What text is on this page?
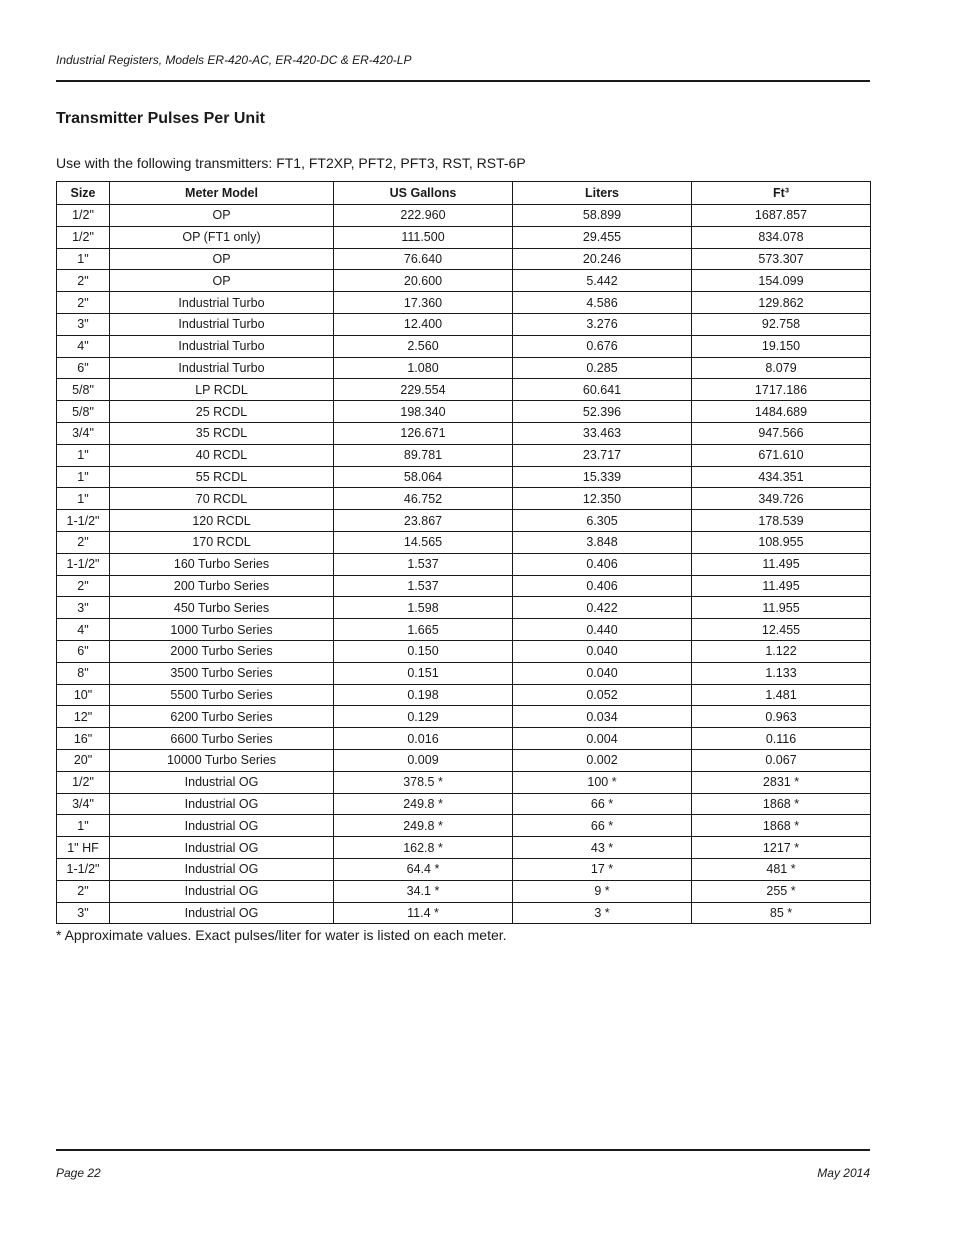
Industrial Registers, Models ER-420-AC, ER-420-DC & ER-420-LP
Transmitter Pulses Per Unit
Use with the following transmitters: FT1, FT2XP, PFT2, PFT3, RST, RST-6P
Size	Meter Model	US Gallons	Liters	Ft³
1/2"	OP	222.960	58.899	1687.857
1/2"	OP (FT1 only)	111.500	29.455	834.078
1"	OP	76.640	20.246	573.307
2"	OP	20.600	5.442	154.099
2"	Industrial Turbo	17.360	4.586	129.862
3"	Industrial Turbo	12.400	3.276	92.758
4"	Industrial Turbo	2.560	0.676	19.150
6"	Industrial Turbo	1.080	0.285	8.079
5/8"	LP RCDL	229.554	60.641	1717.186
5/8"	25 RCDL	198.340	52.396	1484.689
3/4"	35 RCDL	126.671	33.463	947.566
1"	40 RCDL	89.781	23.717	671.610
1"	55 RCDL	58.064	15.339	434.351
1"	70 RCDL	46.752	12.350	349.726
1-1/2"	120 RCDL	23.867	6.305	178.539
2"	170 RCDL	14.565	3.848	108.955
1-1/2"	160 Turbo Series	1.537	0.406	11.495
2"	200 Turbo Series	1.537	0.406	11.495
3"	450 Turbo Series	1.598	0.422	11.955
4"	1000 Turbo Series	1.665	0.440	12.455
6"	2000 Turbo Series	0.150	0.040	1.122
8"	3500 Turbo Series	0.151	0.040	1.133
10"	5500 Turbo Series	0.198	0.052	1.481
12"	6200 Turbo Series	0.129	0.034	0.963
16"	6600 Turbo Series	0.016	0.004	0.116
20"	10000 Turbo Series	0.009	0.002	0.067
1/2"	Industrial OG	378.5 *	100 *	2831 *
3/4"	Industrial OG	249.8 *	66 *	1868 *
1"	Industrial OG	249.8 *	66 *	1868 *
1" HF	Industrial OG	162.8 *	43 *	1217 *
1-1/2"	Industrial OG	64.4 *	17 *	481 *
2"	Industrial OG	34.1 *	9 *	255 *
3"	Industrial OG	11.4 *	3 *	85 *
* Approximate values. Exact pulses/liter for water is listed on each meter.
Page 22	May 2014
